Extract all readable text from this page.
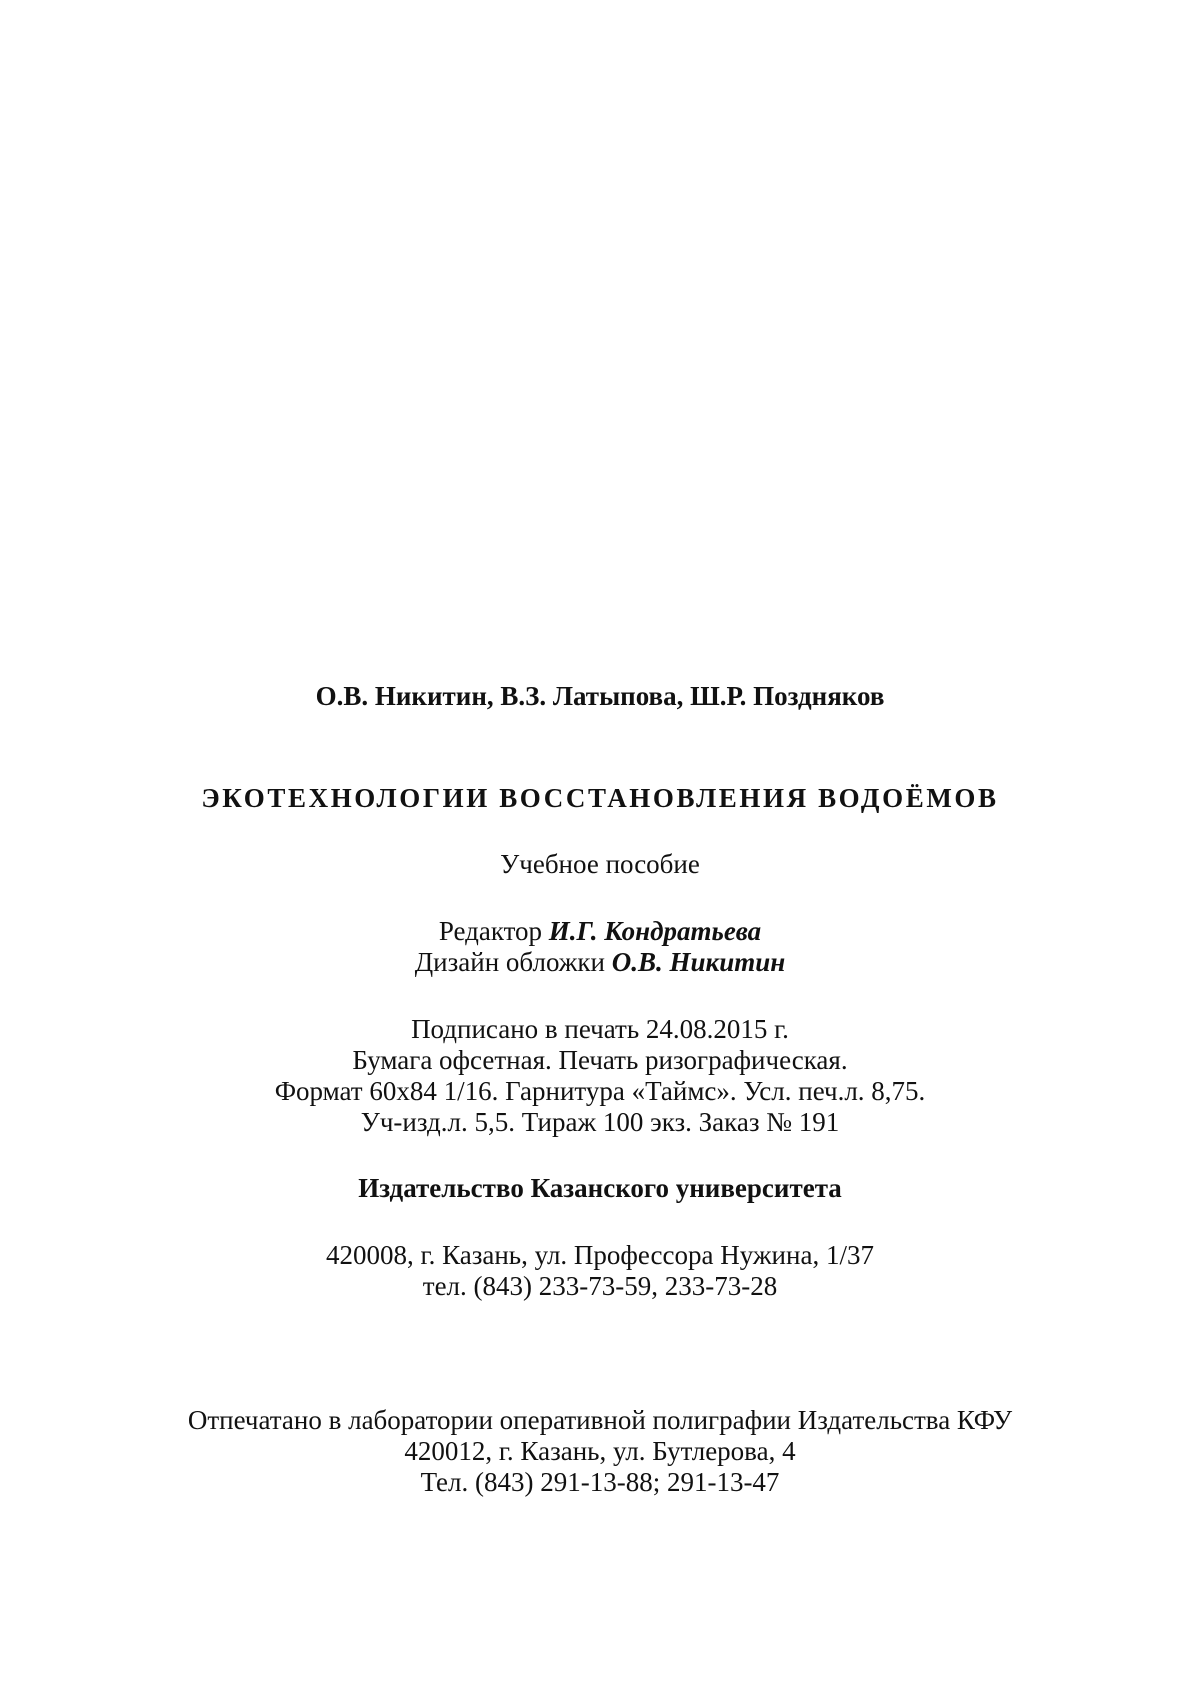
О.В. Никитин, В.З. Латыпова, Ш.Р. Поздняков
ЭКОТЕХНОЛОГИИ ВОССТАНОВЛЕНИЯ ВОДОЁМОВ
Учебное пособие
Редактор И.Г. Кондратьева
Дизайн обложки О.В. Никитин
Подписано в печать 24.08.2015 г.
Бумага офсетная. Печать ризографическая.
Формат 60х84 1/16. Гарнитура «Таймс». Усл. печ.л. 8,75.
Уч-изд.л. 5,5. Тираж 100 экз. Заказ № 191
Издательство Казанского университета
420008, г. Казань, ул. Профессора Нужина, 1/37
тел. (843) 233-73-59, 233-73-28
Отпечатано в лаборатории оперативной полиграфии Издательства КФУ
420012, г. Казань, ул. Бутлерова, 4
Тел. (843) 291-13-88; 291-13-47
